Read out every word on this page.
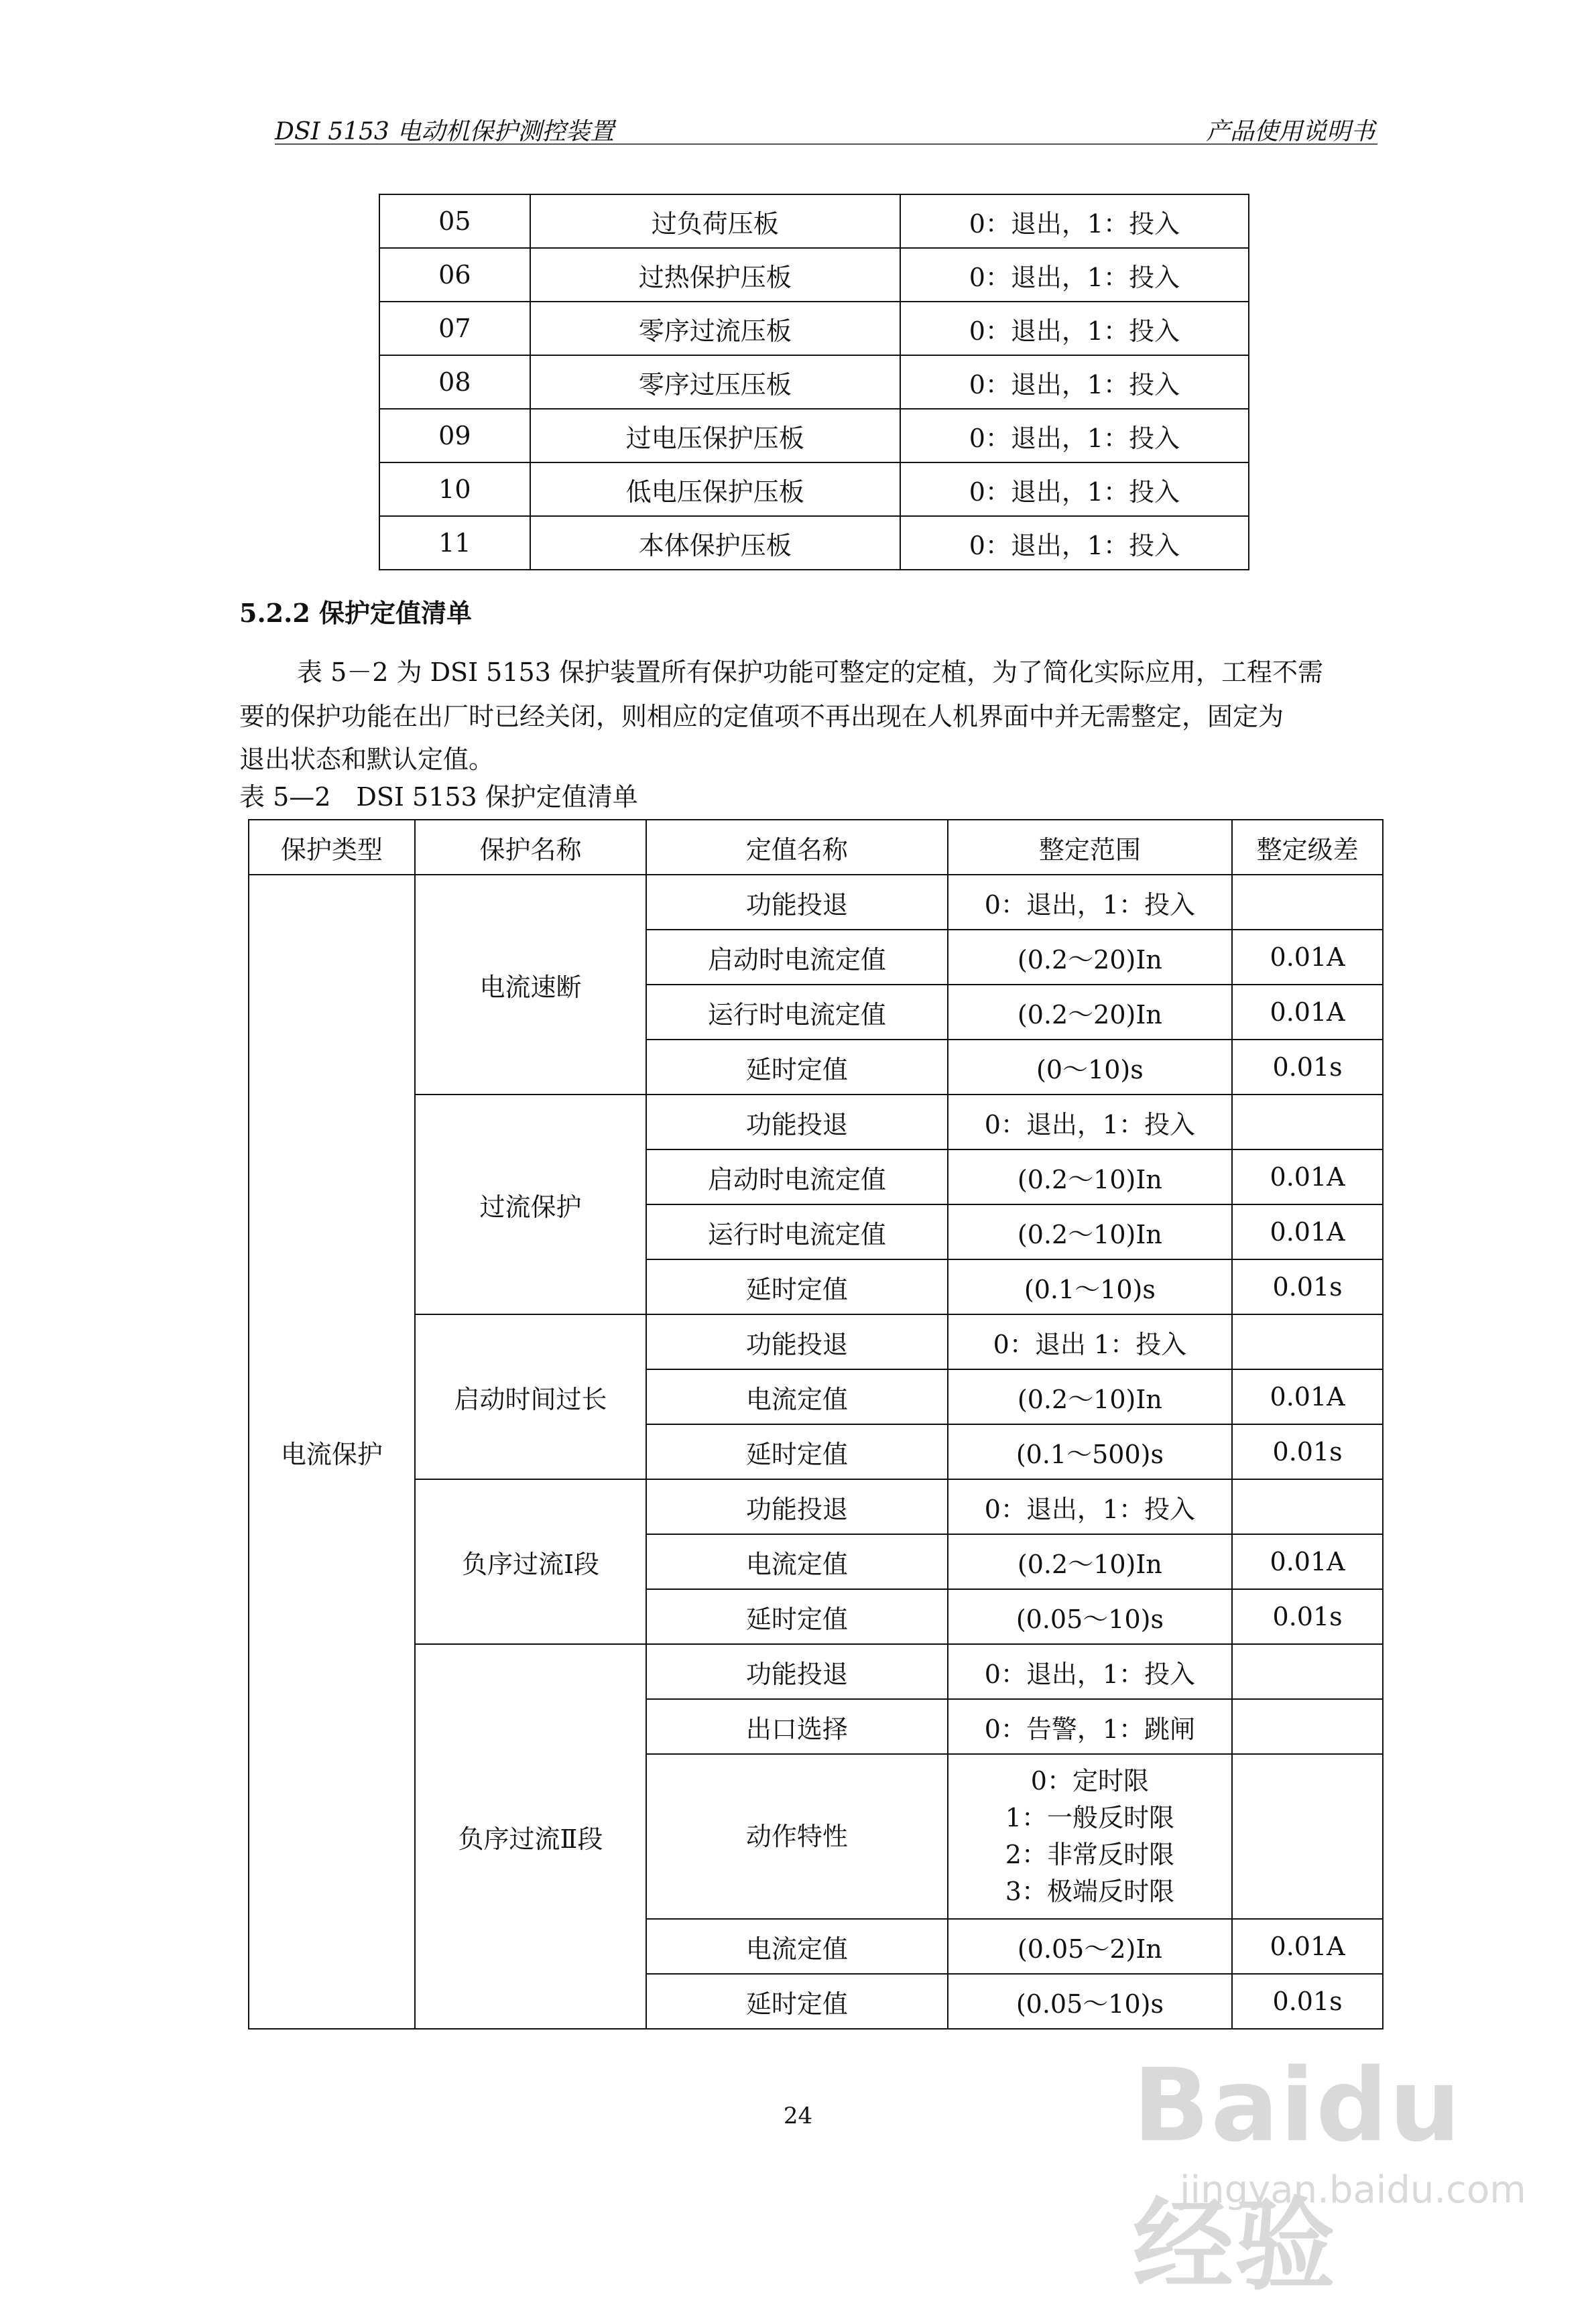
DSI 5153 电动机保护测控装置	产品使用说明书
05	过负荷压板	0：退出，1：投入
06	过热保护压板	0：退出，1：投入
07	零序过流压板	0：退出，1：投入
08	零序过压压板	0：退出，1：投入
09	过电压保护压板	0：退出，1：投入
10	低电压保护压板	0：退出，1：投入
11	本体保护压板	0：退出，1：投入
5.2.2 保护定值清单
表 5－2 为 DSI 5153 保护装置所有保护功能可整定的定植，为了简化实际应用，工程不需
要的保护功能在出厂时已经关闭，则相应的定值项不再出现在人机界面中并无需整定，固定为
退出状态和默认定值。
表 5—2　DSI 5153 保护定值清单
保护类型	保护名称	定值名称	整定范围	整定级差
电流保护	电流速断	功能投退	0：退出，1：投入	
		启动时电流定值	(0.2～20)In	0.01A
		运行时电流定值	(0.2～20)In	0.01A
		延时定值	(0～10)s	0.01s
	过流保护	功能投退	0：退出，1：投入	
		启动时电流定值	(0.2～10)In	0.01A
		运行时电流定值	(0.2～10)In	0.01A
		延时定值	(0.1～10)s	0.01s
	启动时间过长	功能投退	0：退出 1：投入	
		电流定值	(0.2～10)In	0.01A
		延时定值	(0.1～500)s	0.01s
	负序过流Ⅰ段	功能投退	0：退出，1：投入	
		电流定值	(0.2～10)In	0.01A
		延时定值	(0.05～10)s	0.01s
	负序过流Ⅱ段	功能投退	0：退出，1：投入	
		出口选择	0：告警，1：跳闸	
		动作特性	0：定时限
1：一般反时限
2：非常反时限
3：极端反时限	

		电流定值	(0.05～2)In	0.01A
		延时定值	(0.05～10)s	0.01s
24	Baidu经验
jingyan.baidu.com
